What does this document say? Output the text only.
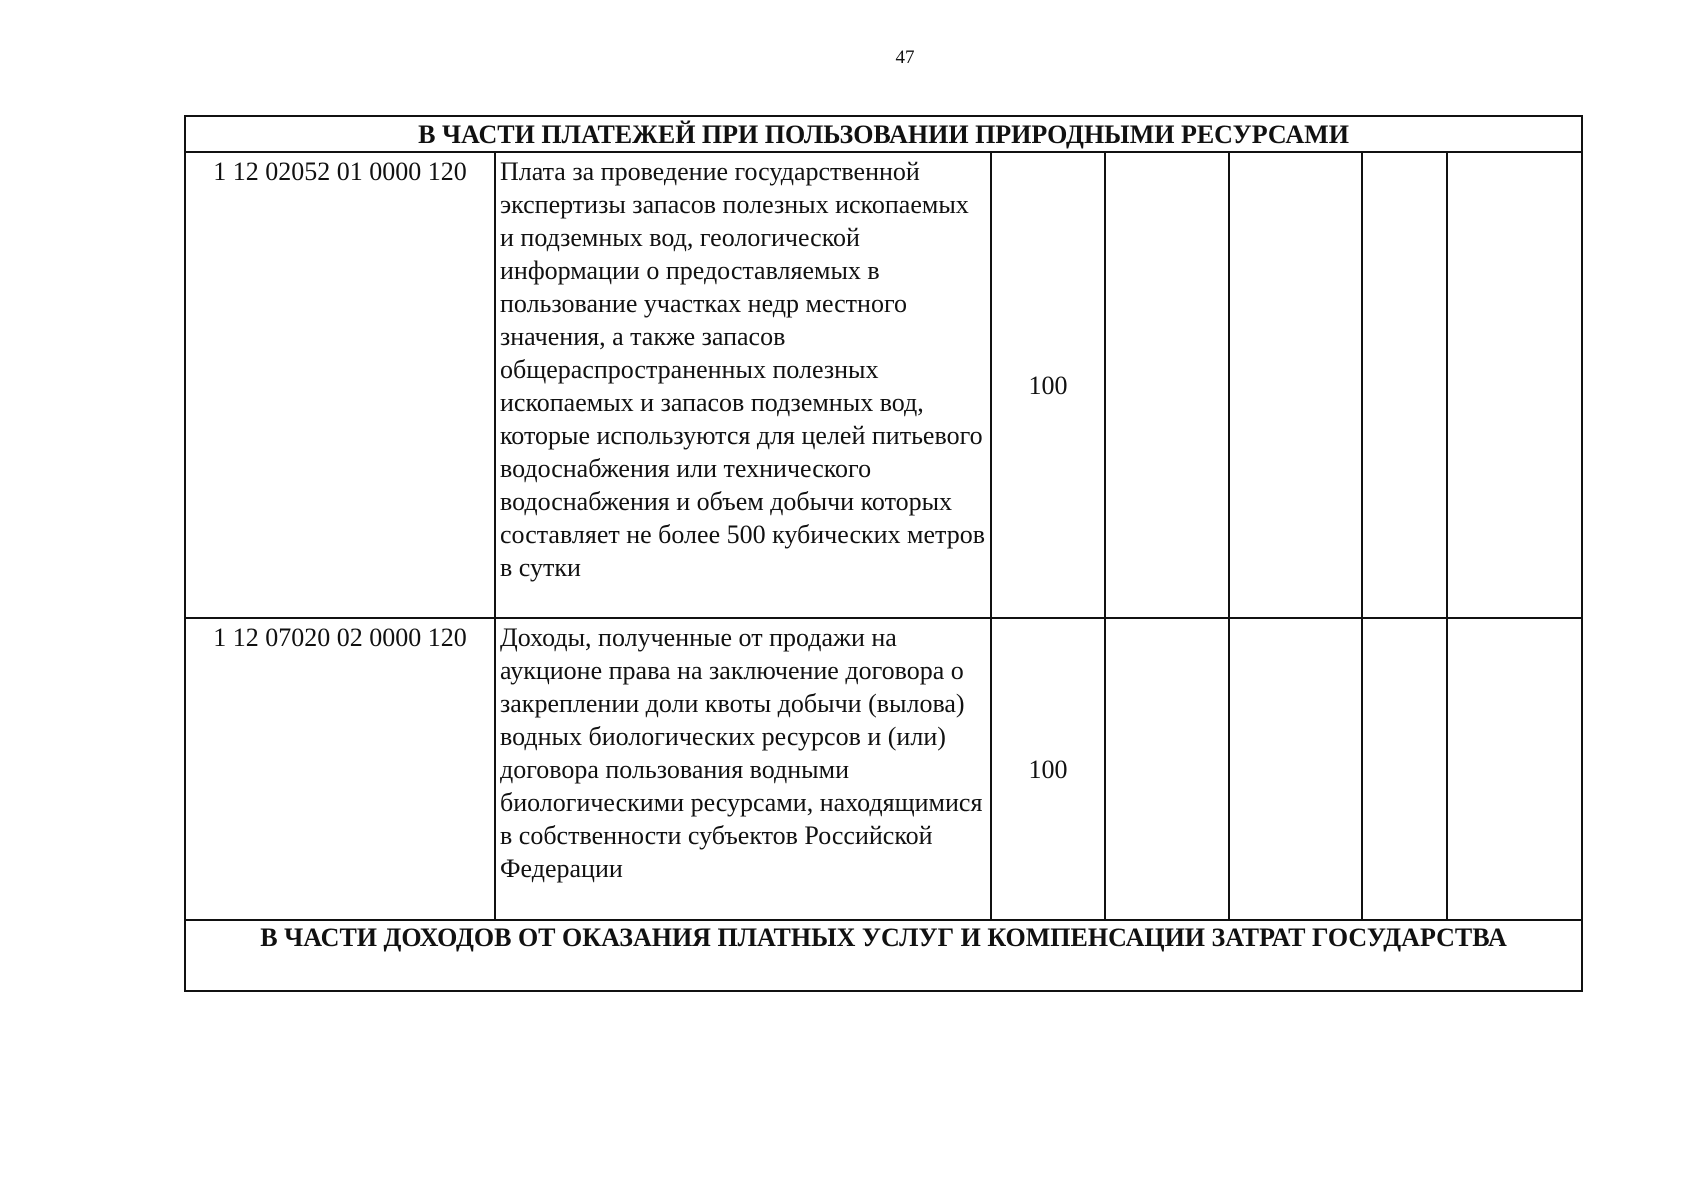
47
В ЧАСТИ ПЛАТЕЖЕЙ ПРИ ПОЛЬЗОВАНИИ ПРИРОДНЫМИ РЕСУРСАМИ						

1 12 02052 01 0000 120	Плата за проведение государственной экспертизы запасов полезных ископаемых и подземных вод, геологической информации о предоставляемых в пользование участках недр местного значения, а также запасов общераспространенных полезных ископаемых и запасов подземных вод, которые используются для целей питьевого водоснабжения или технического водоснабжения и объем добычи которых составляет не более 500 кубических метров в сутки	100				

1 12 07020 02 0000 120	Доходы, полученные от продажи на аукционе права на заключение договора о закреплении доли квоты добычи (вылова) водных биологических ресурсов и (или) договора пользования водными биологическими ресурсами, находящимися в собственности субъектов Российской Федерации	100				

В ЧАСТИ ДОХОДОВ ОТ ОКАЗАНИЯ ПЛАТНЫХ УСЛУГ И КОМПЕНСАЦИИ ЗАТРАТ ГОСУДАРСТВА						
